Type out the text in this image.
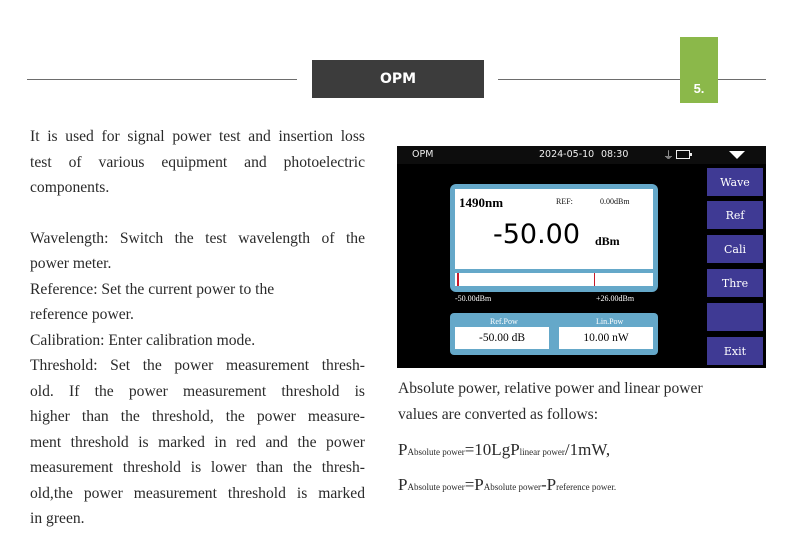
OPM
5.

It is used for signal power test and insertion loss

test of various equipment and photoelectric

components.

Wavelength: Switch the test wavelength of the

power meter.

Reference: Set the current power to the

reference power.

Calibration: Enter calibration mode.

Threshold: Set the power measurement thresh-

old. If the power measurement threshold is

higher than the threshold, the power measure-

ment threshold is marked in red and the power

measurement threshold is lower than the thresh-

old,the power measurement threshold is marked

in green.

OPM	2024-05-10 08:30	⏚
Wave
Ref
Cali
Thre
Exit
1490nm	REF:	0.00dBm
-50.00 dBm
-50.00dBm	+26.00dBm
Ref.Pow	Lin.Pow
-50.00 dB	10.00 nW
Absolute power, relative power and linear power
values are converted as follows:
PAbsolute power=10LgPlinear power/1mW,
PAbsolute power=PAbsolute power-Preference power.
